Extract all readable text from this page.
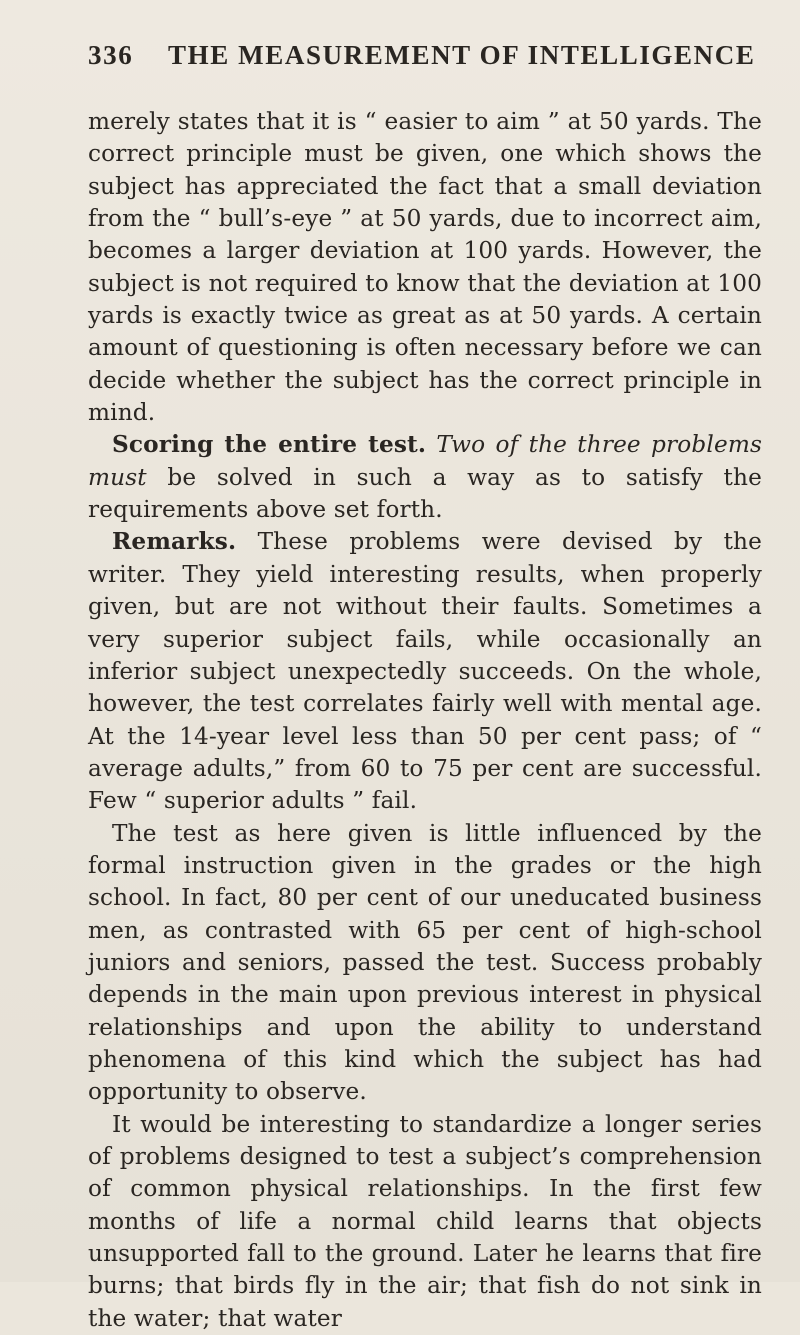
336	THE MEASUREMENT OF INTELLIGENCE

merely states that it is “ easier to aim ” at 50 yards. The correct principle must be given, one which shows the subject has appreciated the fact that a small deviation from the “ bull’s-eye ” at 50 yards, due to incorrect aim, becomes a larger deviation at 100 yards. However, the subject is not required to know that the deviation at 100 yards is exactly twice as great as at 50 yards. A certain amount of questioning is often necessary before we can decide whether the subject has the correct principle in mind.

Scoring the entire test. Two of the three problems must be solved in such a way as to satisfy the requirements above set forth.

Remarks. These problems were devised by the writer. They yield interesting results, when properly given, but are not without their faults. Sometimes a very superior subject fails, while occasionally an inferior subject unexpectedly succeeds. On the whole, however, the test correlates fairly well with mental age. At the 14-year level less than 50 per cent pass; of “ average adults,” from 60 to 75 per cent are successful. Few “ superior adults ” fail.

The test as here given is little influenced by the formal instruction given in the grades or the high school. In fact, 80 per cent of our uneducated business men, as contrasted with 65 per cent of high-school juniors and seniors, passed the test. Success probably depends in the main upon previous interest in physical relationships and upon the ability to understand phenomena of this kind which the subject has had opportunity to observe.

It would be interesting to standardize a longer series of problems designed to test a subject’s comprehension of common physical relationships. In the first few months of life a normal child learns that objects unsupported fall to the ground. Later he learns that fire burns; that birds fly in the air; that fish do not sink in the water; that water
